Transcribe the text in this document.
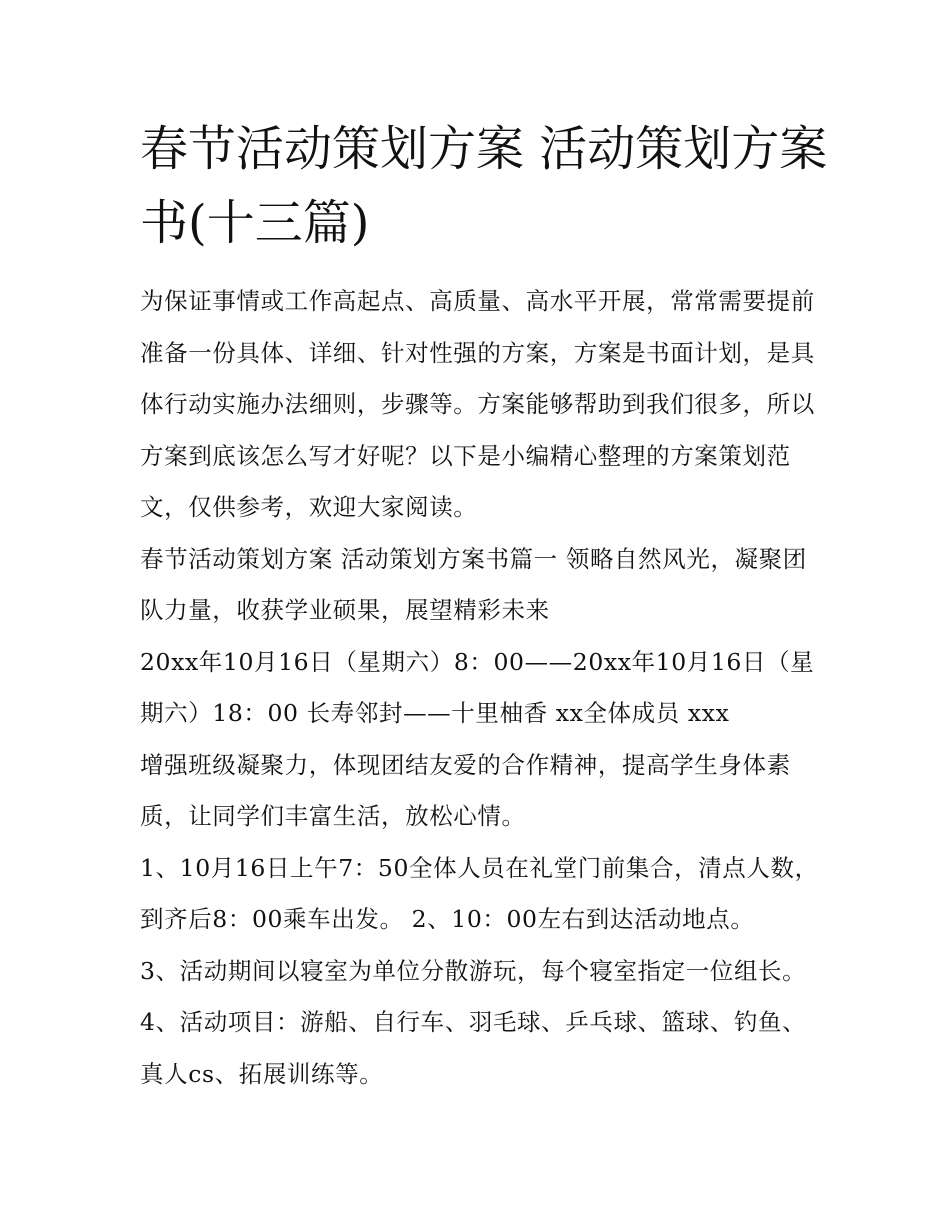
春节活动策划方案 活动策划方案书(十三篇)

为保证事情或工作高起点、高质量、高水平开展，常常需要提前准备一份具体、详细、针对性强的方案，方案是书面计划，是具体行动实施办法细则，步骤等。方案能够帮助到我们很多，所以方案到底该怎么写才好呢？以下是小编精心整理的方案策划范文，仅供参考，欢迎大家阅读。

春节活动策划方案 活动策划方案书篇一 领略自然风光，凝聚团队力量，收获学业硕果，展望精彩未来

20xx年10月16日（星期六）8：00——20xx年10月16日（星期六）18：00 长寿邻封——十里柚香 xx全体成员 xxx

增强班级凝聚力，体现团结友爱的合作精神，提高学生身体素质，让同学们丰富生活，放松心情。

1、10月16日上午7：50全体人员在礼堂门前集合，清点人数，到齐后8：00乘车出发。 2、10：00左右到达活动地点。

3、活动期间以寝室为单位分散游玩，每个寝室指定一位组长。 4、活动项目：游船、自行车、羽毛球、乒乓球、篮球、钓鱼、真人cs、拓展训练等。
